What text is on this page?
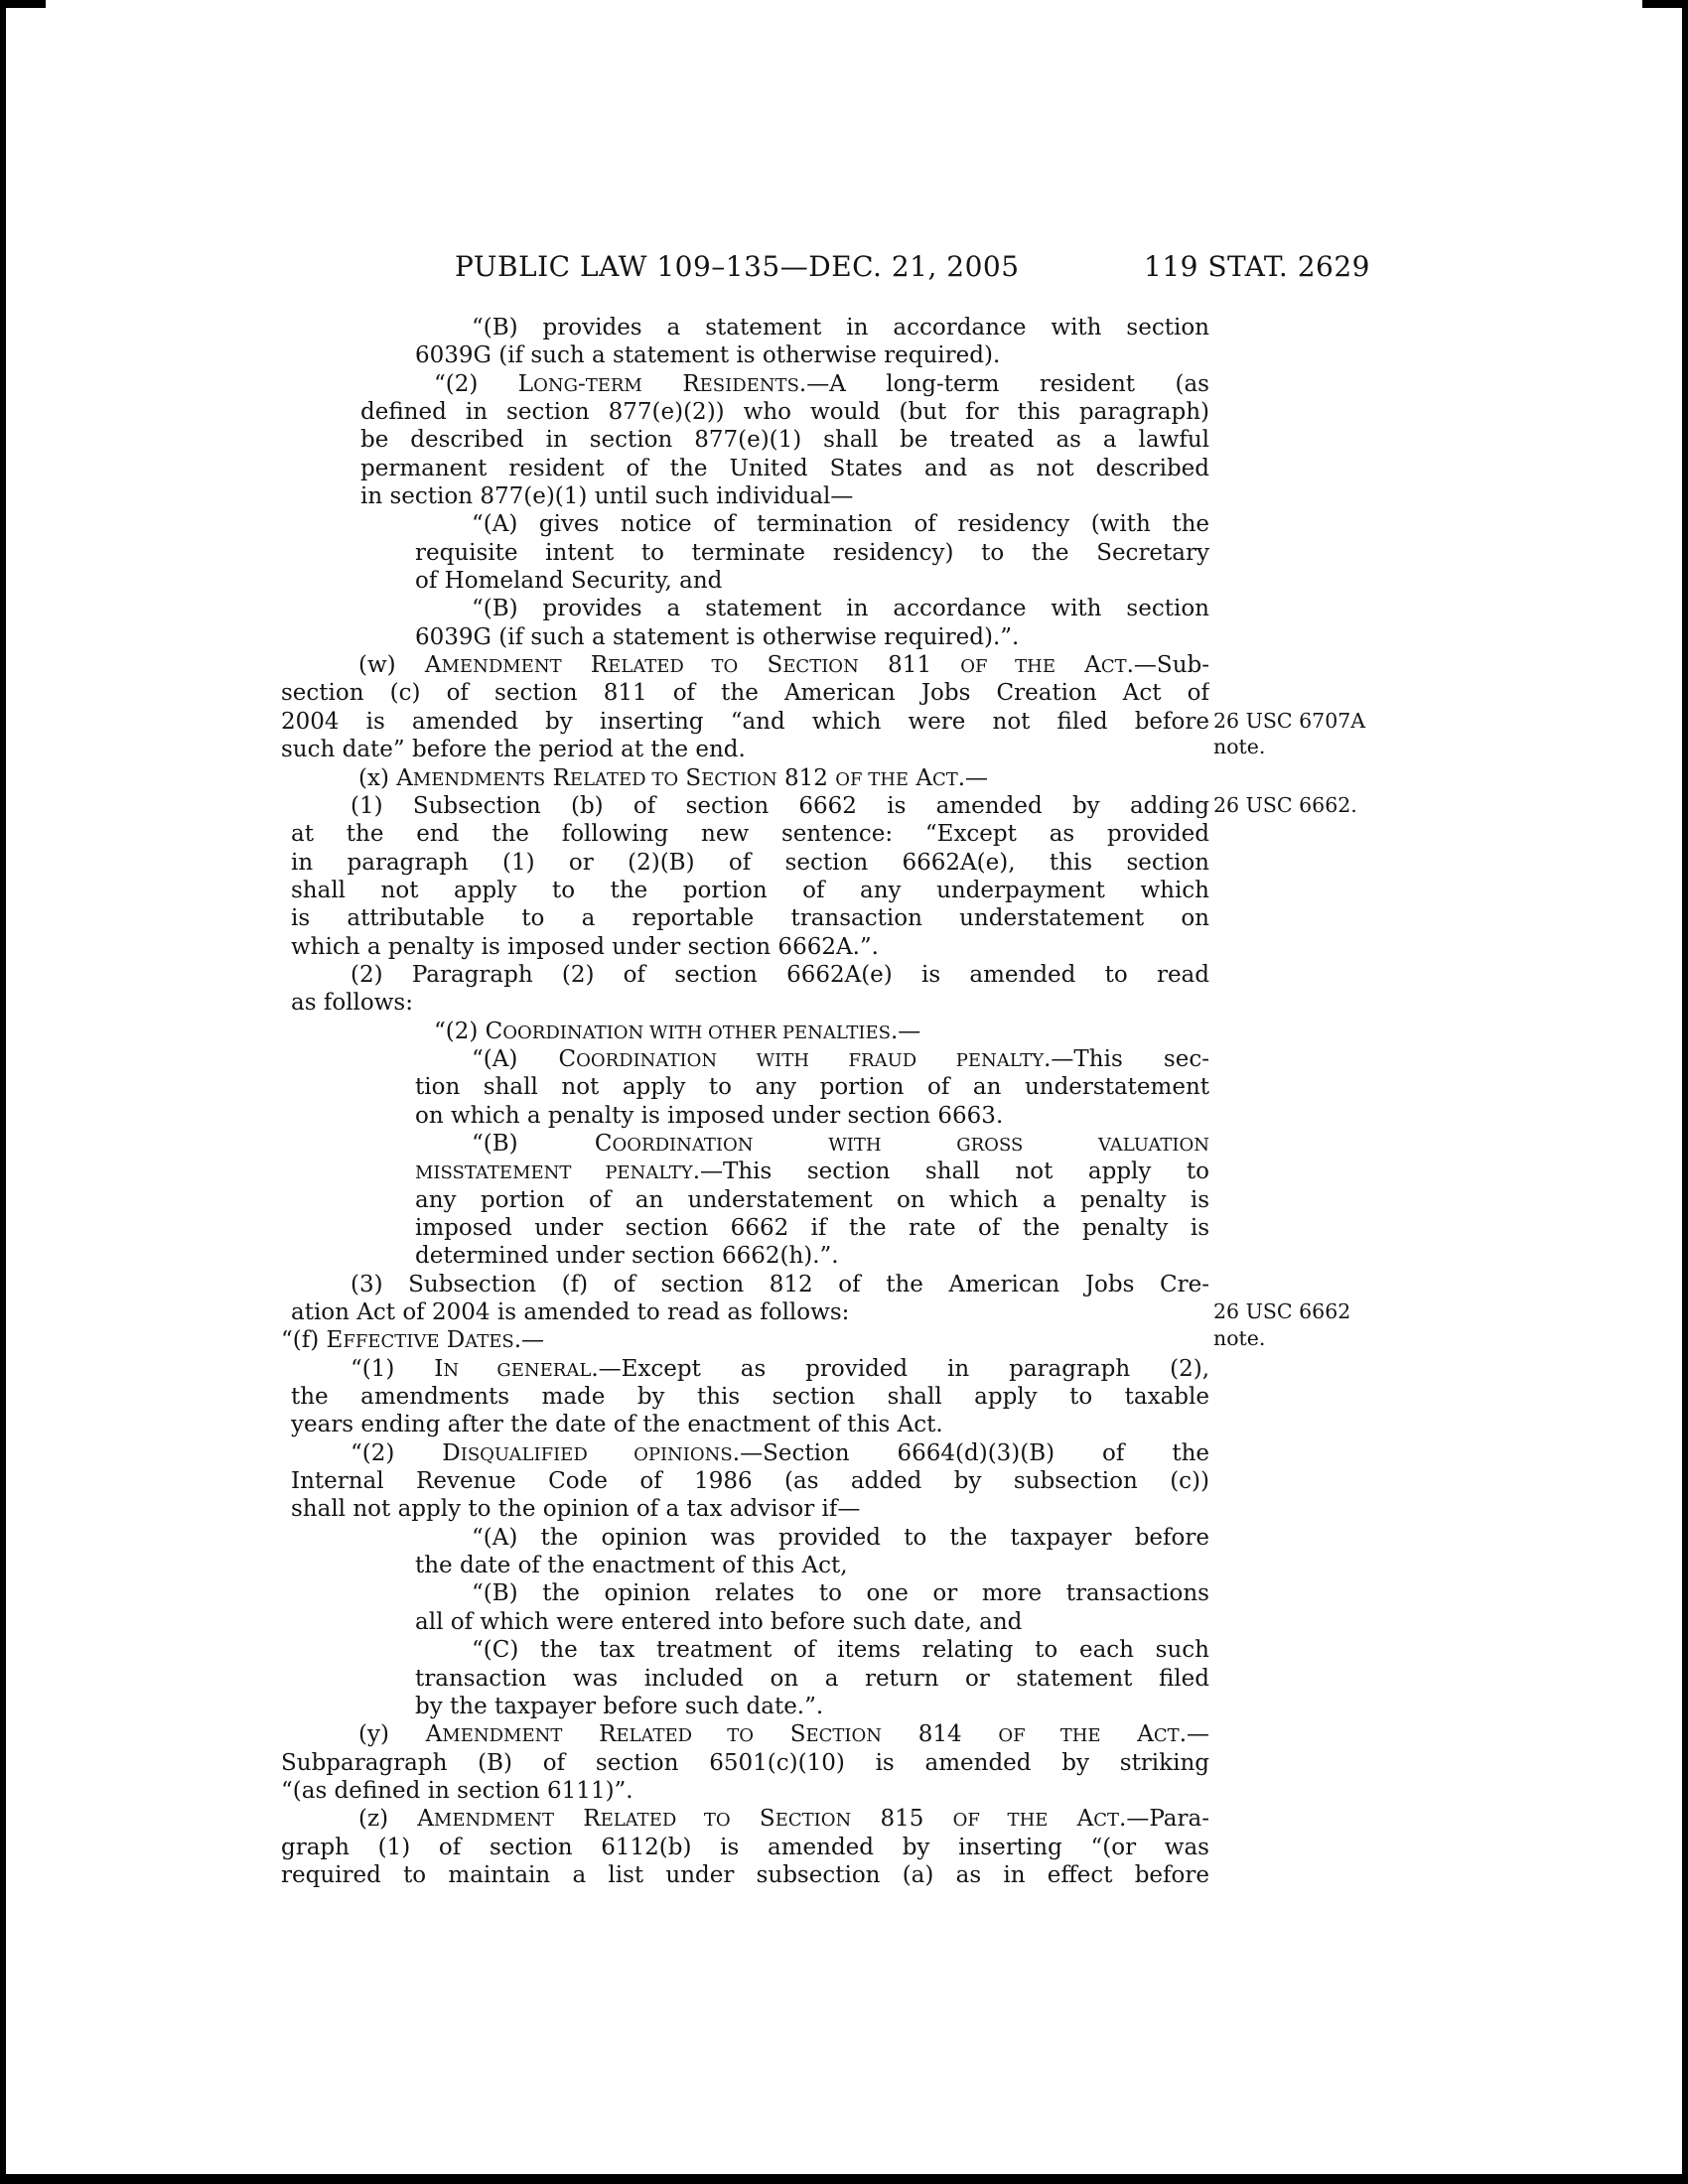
PUBLIC LAW 109–135—DEC. 21, 2005	119 STAT. 2629
“(B) provides a statement in accordance with section
6039G (if such a statement is otherwise required).
“(2) LONG-TERM RESIDENTS.—A long-term resident (as
defined in section 877(e)(2)) who would (but for this paragraph)
be described in section 877(e)(1) shall be treated as a lawful
permanent resident of the United States and as not described
in section 877(e)(1) until such individual—
“(A) gives notice of termination of residency (with the
requisite intent to terminate residency) to the Secretary
of Homeland Security, and
“(B) provides a statement in accordance with section
6039G (if such a statement is otherwise required).”.
(w) AMENDMENT RELATED TO SECTION 811 OF THE ACT.—Sub-
section (c) of section 811 of the American Jobs Creation Act of
2004 is amended by inserting “and which were not filed before
such date” before the period at the end.
(x) AMENDMENTS RELATED TO SECTION 812 OF THE ACT.—
(1) Subsection (b) of section 6662 is amended by adding
at the end the following new sentence: “Except as provided
in paragraph (1) or (2)(B) of section 6662A(e), this section
shall not apply to the portion of any underpayment which
is attributable to a reportable transaction understatement on
which a penalty is imposed under section 6662A.”.
(2) Paragraph (2) of section 6662A(e) is amended to read
as follows:
“(2) COORDINATION WITH OTHER PENALTIES.—
“(A) COORDINATION WITH FRAUD PENALTY.—This sec-
tion shall not apply to any portion of an understatement
on which a penalty is imposed under section 6663.
“(B) COORDINATION WITH GROSS VALUATION
MISSTATEMENT PENALTY.—This section shall not apply to
any portion of an understatement on which a penalty is
imposed under section 6662 if the rate of the penalty is
determined under section 6662(h).”.
(3) Subsection (f) of section 812 of the American Jobs Cre-
ation Act of 2004 is amended to read as follows:
“(f) EFFECTIVE DATES.—
“(1) IN GENERAL.—Except as provided in paragraph (2),
the amendments made by this section shall apply to taxable
years ending after the date of the enactment of this Act.
“(2) DISQUALIFIED OPINIONS.—Section 6664(d)(3)(B) of the
Internal Revenue Code of 1986 (as added by subsection (c))
shall not apply to the opinion of a tax advisor if—
“(A) the opinion was provided to the taxpayer before
the date of the enactment of this Act,
“(B) the opinion relates to one or more transactions
all of which were entered into before such date, and
“(C) the tax treatment of items relating to each such
transaction was included on a return or statement filed
by the taxpayer before such date.”.
(y) AMENDMENT RELATED TO SECTION 814 OF THE ACT.—
Subparagraph (B) of section 6501(c)(10) is amended by striking
“(as defined in section 6111)”.
(z) AMENDMENT RELATED TO SECTION 815 OF THE ACT.—Para-
graph (1) of section 6112(b) is amended by inserting “(or was
required to maintain a list under subsection (a) as in effect before
26 USC 6707A
note.
26 USC 6662.
26 USC 6662
note.
